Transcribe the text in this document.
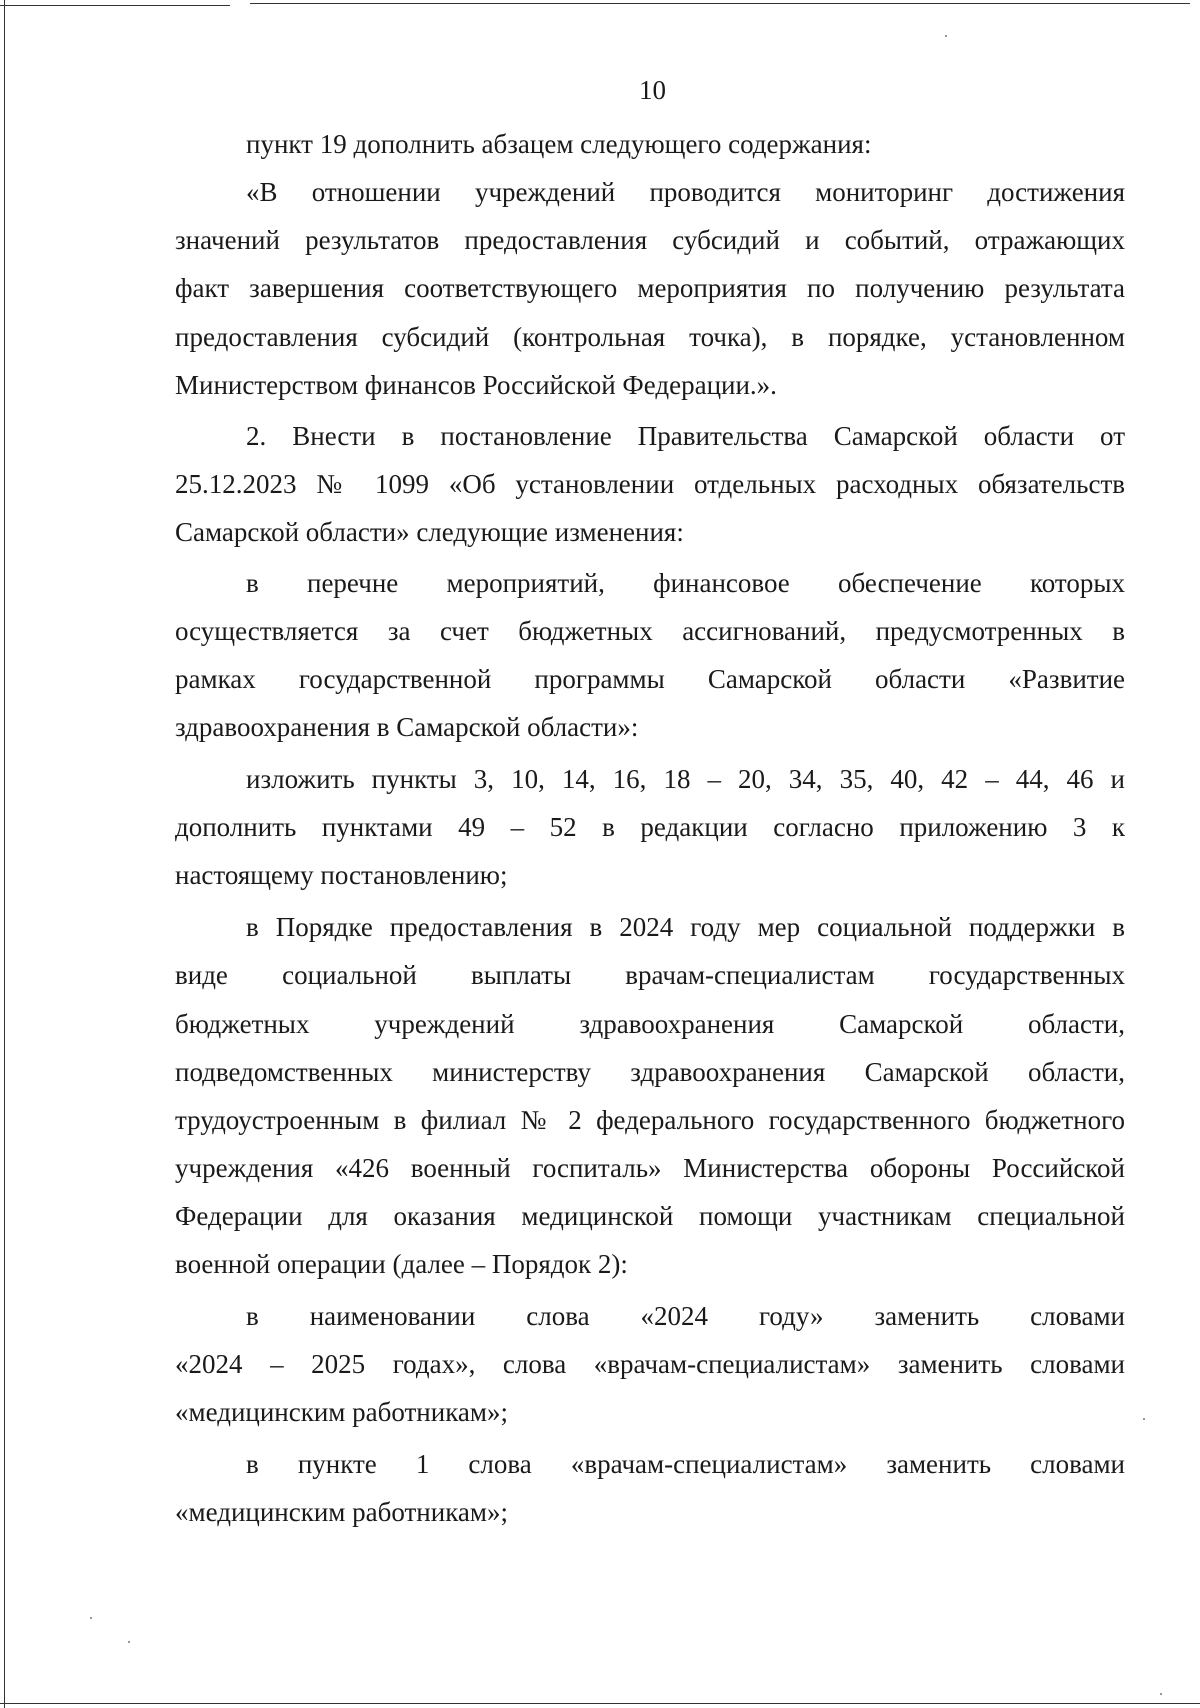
10
пункт 19 дополнить абзацем следующего содержания:
«В отношении учреждений проводится мониторинг достижения
значений результатов предоставления субсидий и событий, отражающих
факт завершения соответствующего мероприятия по получению результата
предоставления субсидий (контрольная точка), в порядке, установленном
Министерством финансов Российской Федерации.».
2. Внести в постановление Правительства Самарской области от
25.12.2023 № 1099 «Об установлении отдельных расходных обязательств
Самарской области» следующие изменения:
в перечне мероприятий, финансовое обеспечение которых
осуществляется за счет бюджетных ассигнований, предусмотренных в
рамках государственной программы Самарской области «Развитие
здравоохранения в Самарской области»:
изложить пункты 3, 10, 14, 16, 18 – 20, 34, 35, 40, 42 – 44, 46 и
дополнить пунктами 49 – 52 в редакции согласно приложению 3 к
настоящему постановлению;
в Порядке предоставления в 2024 году мер социальной поддержки в
виде социальной выплаты врачам-специалистам государственных
бюджетных учреждений здравоохранения Самарской области,
подведомственных министерству здравоохранения Самарской области,
трудоустроенным в филиал № 2 федерального государственного бюджетного
учреждения «426 военный госпиталь» Министерства обороны Российской
Федерации для оказания медицинской помощи участникам специальной
военной операции (далее – Порядок 2):
в наименовании слова «2024 году» заменить словами
«2024 – 2025 годах», слова «врачам-специалистам» заменить словами
«медицинским работникам»;
в пункте 1 слова «врачам-специалистам» заменить словами
«медицинским работникам»;
